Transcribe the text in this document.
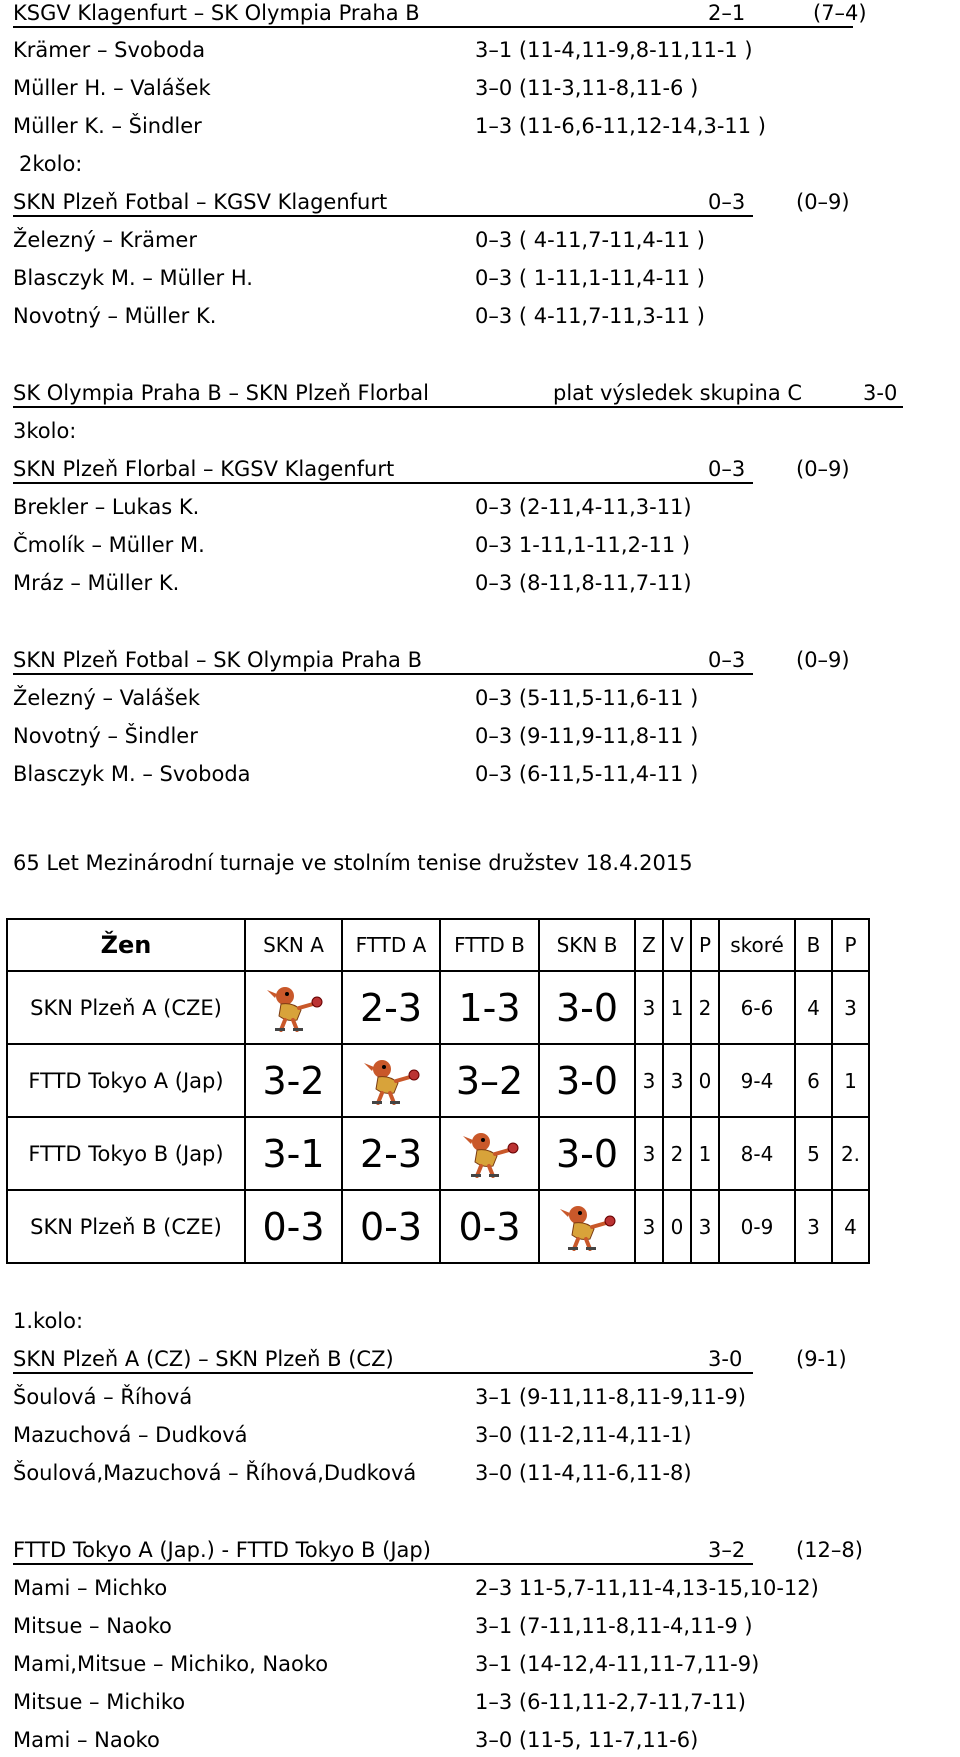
KSGV Klagenfurt – SK Olympia Praha B	2–1	(7–4)
Krämer – Svoboda	3–1 (11-4,11-9,8-11,11-1 )
Müller H. – Valášek	3–0 (11-3,11-8,11-6 )
Müller K. – Šindler	1–3 (11-6,6-11,12-14,3-11 )
2kolo:
SKN Plzeň Fotbal – KGSV Klagenfurt	0–3 (0–9)
Železný – Krämer	0–3 ( 4-11,7-11,4-11 )
Blasczyk M. – Müller H.	0–3 ( 1-11,1-11,4-11 )
Novotný – Müller K.	0–3 ( 4-11,7-11,3-11 )
SK Olympia Praha B – SKN Plzeň Florbal	plat výsledek skupina C	3-0
3kolo:
SKN Plzeň Florbal – KGSV Klagenfurt	0–3 (0–9)
Brekler – Lukas K.	0–3 (2-11,4-11,3-11)
Čmolík – Müller M.	0–3 1-11,1-11,2-11 )
Mráz – Müller K.	0–3 (8-11,8-11,7-11)
SKN Plzeň Fotbal – SK Olympia Praha B	0–3 (0–9)
Železný – Valášek	0–3 (5-11,5-11,6-11 )
Novotný – Šindler	0–3 (9-11,9-11,8-11 )
Blasczyk M. – Svoboda	0–3 (6-11,5-11,4-11 )
65 Let Mezinárodní turnaje ve stolním tenise družstev 18.4.2015
1.kolo:
SKN Plzeň A (CZ) – SKN Plzeň B (CZ)	3-0	(9-1)
Šoulová – Říhová	3–1 (9-11,11-8,11-9,11-9)
Mazuchová – Dudková	3–0 (11-2,11-4,11-1)
Šoulová,Mazuchová – Říhová,Dudková	3–0 (11-4,11-6,11-8)
FTTD Tokyo A (Jap.) - FTTD Tokyo B (Jap)	3–2 (12–8)
Mami – Michko	2–3 11-5,7-11,11-4,13-15,10-12)
Mitsue – Naoko	3–1 (7-11,11-8,11-4,11-9 )
Mami,Mitsue – Michiko, Naoko	3–1 (14-12,4-11,11-7,11-9)
Mitsue – Michiko	1–3 (6-11,11-2,7-11,7-11)
Mami – Naoko	3–0 (11-5, 11-7,11-6)
Žen	SKN A	FTTD A	FTTD B	SKN B	Z	V	P	skoré	B	P
SKN Plzeň A (CZE)		2-3	1-3	3-0	3	1	2	6-6	4	3
FTTD Tokyo A (Jap)	3-2		3–2	3-0	3	3	0	9-4	6	1
FTTD Tokyo B (Jap)	3-1	2-3		3-0	3	2	1	8-4	5	2.
SKN Plzeň B (CZE)	0-3	0-3	0-3		3	0	3	0-9	3	4
